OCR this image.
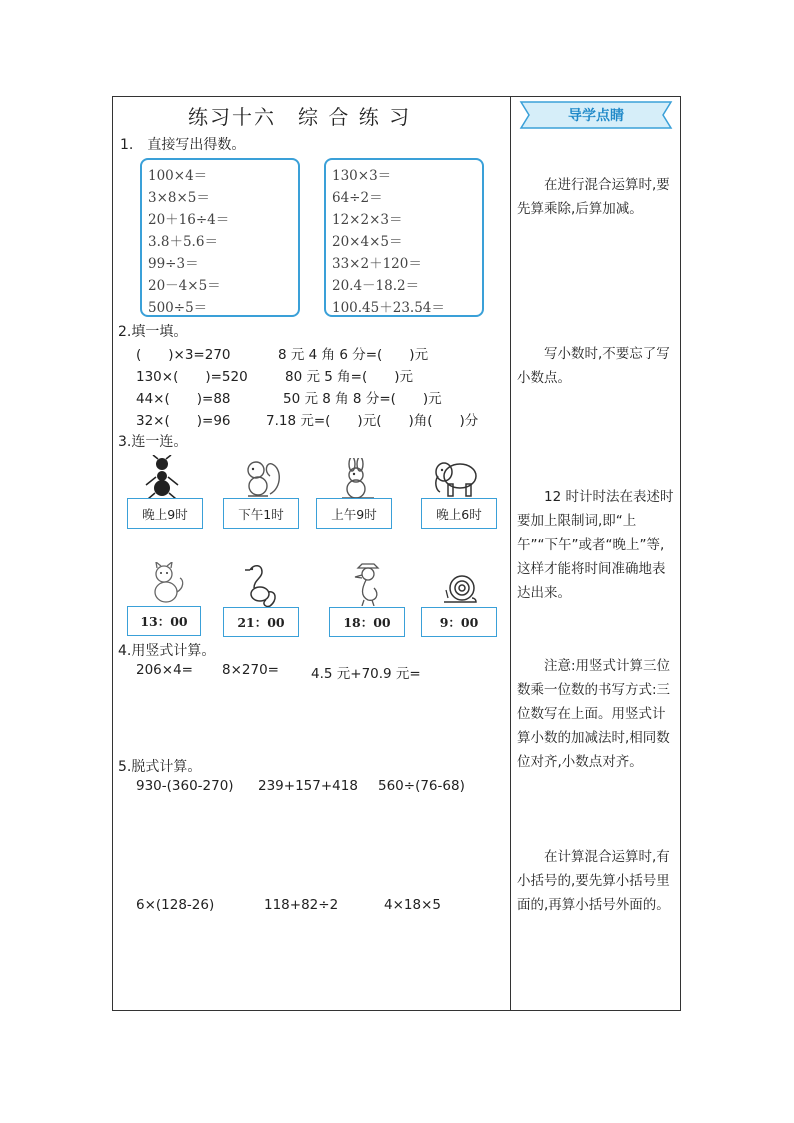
练习十六　综 合 练 习	导学点睛
1.　直接写出得数。
100×4＝
3×8×5＝
20＋16÷4＝
3.8＋5.6＝
99÷3＝
20－4×5＝
500÷5＝
130×3＝
64÷2＝
12×2×3＝
20×4×5＝
33×2＋120＝
20.4－18.2＝
100.45＋23.54＝
2.填一填。
(　　)×3=270	8 元 4 角 6 分=(　　)元
130×(　　)=520	80 元 5 角=(　　)元
44×(　　)=88	50 元 8 角 8 分=(　　)元
32×(　　)=96	7.18 元=(　　)元(　　)角(　　)分
3.连一连。
晚上9时	下午1时	上午9时	晚上6时
13：00	21：00	18：00	9：00
4.用竖式计算。
206×4= 8×270= 4.5 元+70.9 元=
5.脱式计算。
930-(360-270) 239+157+418 560÷(76-68)
6×(128-26)	118+82÷2	4×18×5
　　在进行混合运算时,要先算乘除,后算加减。
　　写小数时,不要忘了写小数点。
　　12 时计时法在表述时要加上限制词,即“上午”“下午”或者“晚上”等,这样才能将时间准确地表达出来。
　　注意:用竖式计算三位数乘一位数的书写方式:三位数写在上面。用竖式计算小数的加减法时,相同数位对齐,小数点对齐。
　　在计算混合运算时,有小括号的,要先算小括号里面的,再算小括号外面的。
